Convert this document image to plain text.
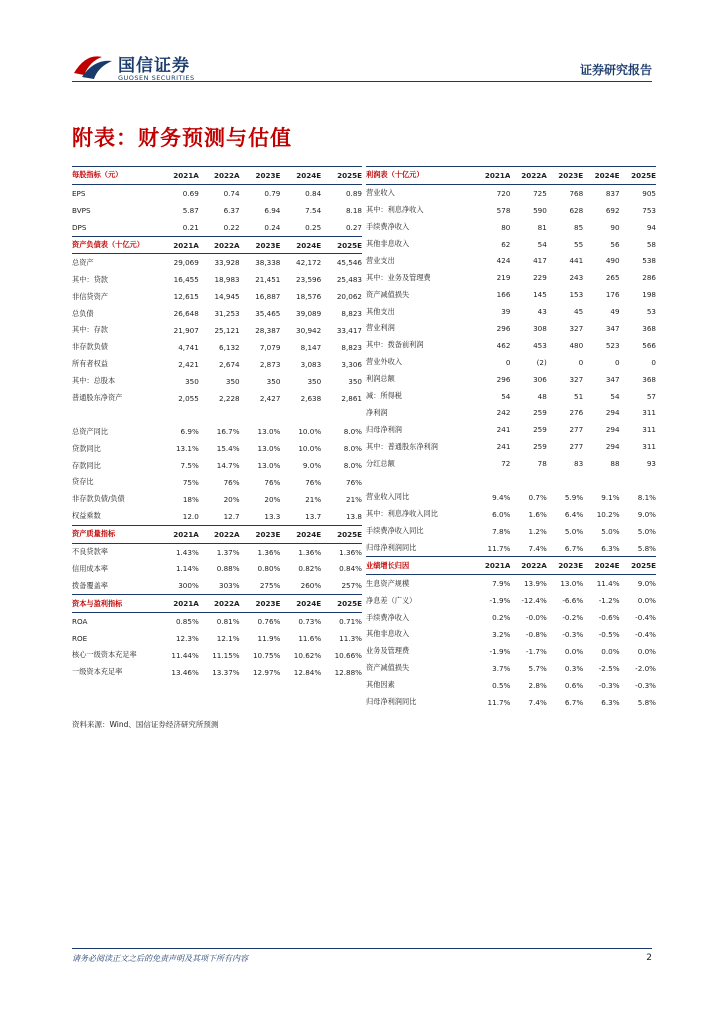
国信证券
GUOSEN SECURITIES
证券研究报告
附表：财务预测与估值
每股指标（元）	2021A	2022A	2023E	2024E	2025E
EPS	0.69	0.74	0.79	0.84	0.89
BVPS	5.87	6.37	6.94	7.54	8.18
DPS	0.21	0.22	0.24	0.25	0.27
资产负债表（十亿元）	2021A	2022A	2023E	2024E	2025E
总资产	29,069	33,928	38,338	42,172	45,546
其中：贷款	16,455	18,983	21,451	23,596	25,483
非信贷资产	12,615	14,945	16,887	18,576	20,062
总负债	26,648	31,253	35,465	39,089	8,823
其中：存款	21,907	25,121	28,387	30,942	33,417
非存款负债	4,741	6,132	7,079	8,147	8,823
所有者权益	2,421	2,674	2,873	3,083	3,306
其中：总股本	350	350	350	350	350
普通股东净资产	2,055	2,228	2,427	2,638	2,861

总资产同比	6.9%	16.7%	13.0%	10.0%	8.0%
贷款同比	13.1%	15.4%	13.0%	10.0%	8.0%
存款同比	7.5%	14.7%	13.0%	9.0%	8.0%
贷存比	75%	76%	76%	76%	76%
非存款负债/负债	18%	20%	20%	21%	21%
权益乘数	12.0	12.7	13.3	13.7	13.8
资产质量指标	2021A	2022A	2023E	2024E	2025E
不良贷款率	1.43%	1.37%	1.36%	1.36%	1.36%
信用成本率	1.14%	0.88%	0.80%	0.82%	0.84%
拨备覆盖率	300%	303%	275%	260%	257%
资本与盈利指标	2021A	2022A	2023E	2024E	2025E
ROA	0.85%	0.81%	0.76%	0.73%	0.71%
ROE	12.3%	12.1%	11.9%	11.6%	11.3%
核心一级资本充足率	11.44%	11.15%	10.75%	10.62%	10.66%
一级资本充足率	13.46%	13.37%	12.97%	12.84%	12.88%
利润表（十亿元）	2021A	2022A	2023E	2024E	2025E
营业收入	720	725	768	837	905
其中：利息净收入	578	590	628	692	753
手续费净收入	80	81	85	90	94
其他非息收入	62	54	55	56	58
营业支出	424	417	441	490	538
其中：业务及管理费	219	229	243	265	286
资产减值损失	166	145	153	176	198
其他支出	39	43	45	49	53
营业利润	296	308	327	347	368
其中：拨备前利润	462	453	480	523	566
营业外收入	0	(2)	0	0	0
利润总额	296	306	327	347	368
减：所得税	54	48	51	54	57
净利润	242	259	276	294	311
归母净利润	241	259	277	294	311
其中：普通股东净利润	241	259	277	294	311
分红总额	72	78	83	88	93

营业收入同比	9.4%	0.7%	5.9%	9.1%	8.1%
其中：利息净收入同比	6.0%	1.6%	6.4%	10.2%	9.0%
手续费净收入同比	7.8%	1.2%	5.0%	5.0%	5.0%
归母净利润同比	11.7%	7.4%	6.7%	6.3%	5.8%
业绩增长归因	2021A	2022A	2023E	2024E	2025E
生息资产规模	7.9%	13.9%	13.0%	11.4%	9.0%
净息差（广义）	-1.9%	-12.4%	-6.6%	-1.2%	0.0%
手续费净收入	0.2%	-0.0%	-0.2%	-0.6%	-0.4%
其他非息收入	3.2%	-0.8%	-0.3%	-0.5%	-0.4%
业务及管理费	-1.9%	-1.7%	0.0%	0.0%	0.0%
资产减值损失	3.7%	5.7%	0.3%	-2.5%	-2.0%
其他因素	0.5%	2.8%	0.6%	-0.3%	-0.3%
归母净利润同比	11.7%	7.4%	6.7%	6.3%	5.8%
资料来源：Wind、国信证券经济研究所预测
请务必阅读正文之后的免责声明及其项下所有内容	2
